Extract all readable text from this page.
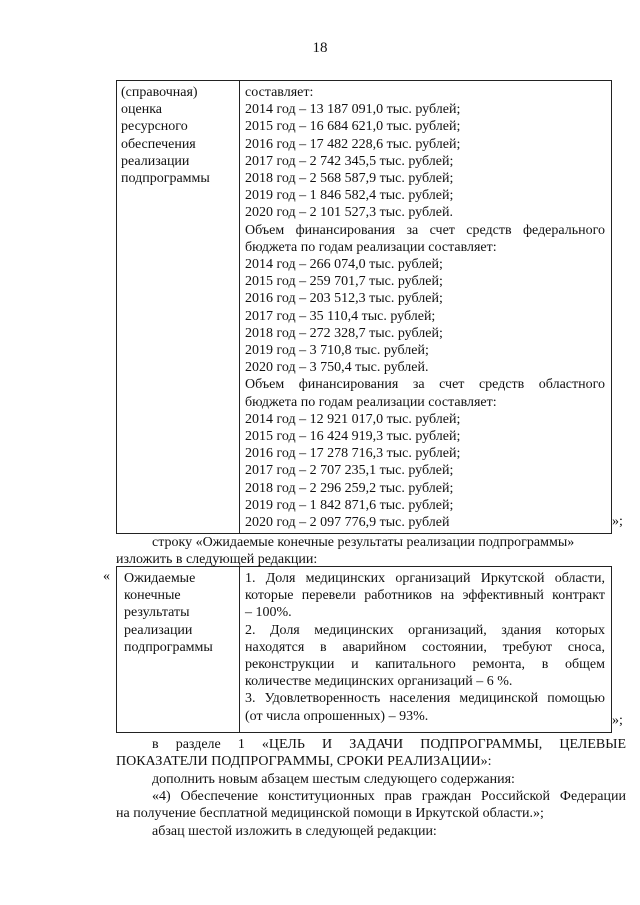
18
(справочная)
оценка
ресурсного
обеспечения
реализации
подпрограммы
составляет:
2014 год – 13 187 091,0 тыс. рублей;
2015 год – 16 684 621,0 тыс. рублей;
2016 год – 17 482 228,6 тыс. рублей;
2017 год – 2 742 345,5 тыс. рублей;
2018 год – 2 568 587,9 тыс. рублей;
2019 год – 1 846 582,4 тыс. рублей;
2020 год – 2 101 527,3 тыс. рублей.
Объем финансирования за счет средств федерального
бюджета по годам реализации составляет:
2014 год – 266 074,0 тыс. рублей;
2015 год – 259 701,7 тыс. рублей;
2016 год – 203 512,3 тыс. рублей;
2017 год – 35 110,4 тыс. рублей;
2018 год – 272 328,7 тыс. рублей;
2019 год – 3 710,8 тыс. рублей;
2020 год – 3 750,4 тыс. рублей.
Объем финансирования за счет средств областного
бюджета по годам реализации составляет:
2014 год – 12 921 017,0 тыс. рублей;
2015 год – 16 424 919,3 тыс. рублей;
2016 год – 17 278 716,3 тыс. рублей;
2017 год – 2 707 235,1 тыс. рублей;
2018 год – 2 296 259,2 тыс. рублей;
2019 год – 1 842 871,6 тыс. рублей;
2020 год – 2 097 776,9 тыс. рублей	»;
строку «Ожидаемые конечные результаты реализации подпрограммы»
изложить в следующей редакции:
« Ожидаемые
конечные
результаты
реализации
подпрограммы
1. Доля медицинских организаций Иркутской области,
которые перевели работников на эффективный контракт
– 100%.
2. Доля медицинских организаций, здания которых
находятся в аварийном состоянии, требуют сноса,
реконструкции и капитального ремонта, в общем
количестве медицинских организаций – 6 %.
3. Удовлетворенность населения медицинской помощью
(от числа опрошенных) – 93%.	»;
в разделе 1 «ЦЕЛЬ И ЗАДАЧИ ПОДПРОГРАММЫ, ЦЕЛЕВЫЕ
ПОКАЗАТЕЛИ ПОДПРОГРАММЫ, СРОКИ РЕАЛИЗАЦИИ»:
дополнить новым абзацем шестым следующего содержания:
«4) Обеспечение конституционных прав граждан Российской Федерации
на получение бесплатной медицинской помощи в Иркутской области.»;
абзац шестой изложить в следующей редакции:
